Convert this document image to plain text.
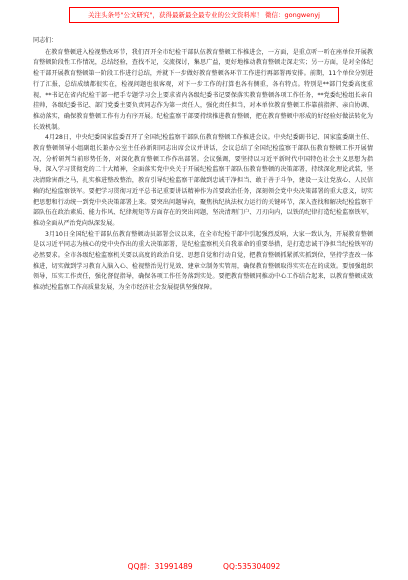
关注头条号"公文研究"，获得最新最全最专业的公文资料库！ 微信：gongwenyj

同志们：

在教育整顿进入检视整改环节，我们召开全市纪检干部队伍教育整顿工作推进会，一方面，是重点听一听在座单位开展教育整顿阶段性工作情况，总结经验，查找不足，交流探讨，集思广益，更好地推动教育整顿走深走实；另一方面，是对全体纪检干部开展教育整顿第一阶段工作进行总结，并就下一步做好教育整顿各环节工作进行再部署再安排。前期，11个单位分别进行了汇报，总结成绩都很实在，检视问题也很客观，对下一步工作的打算也各有侧重，各有特点。特别是**部门党委高度重视，**书记在省内纪检干部一把手专题学习会上要求省内各级纪委书记要保落实教育整顿各项工作任务，**党委纪检组长亲自挂帅，各级纪委书记、部门党委主要负责同志作为第一责任人，强化责任担当，对本单位教育整顿工作靠前指挥、亲自协调、推动落实，确保教育整顿工作有力有序开展。纪检监察干部要持续推进教育整顿，把在教育整顿中形成的好经验好做法转化为长效机制。

4月28日，中央纪委国家监委召开了全国纪检监察干部队伍教育整顿工作推进会议。中央纪委副书记、国家监委副主任、教育整顿领导小组副组长兼办公室主任孙新阳同志出席会议并讲话，会议总结了全国纪检监察干部队伍教育整顿工作开展情况，分析研判当前形势任务，对深化教育整顿工作作出部署。会议强调，要坚持以习近平新时代中国特色社会主义思想为指导，深入学习贯彻党的二十大精神，全面落实党中央关于开展纪检监察干部队伍教育整顿的决策部署，持续深化理论武装，坚决清除害群之马，扎实推进整改整治，教育引导纪检监察干部做到忠诚干净担当、敢于善于斗争，建设一支让党放心、人民信赖的纪检监察铁军。要把学习贯彻习近平总书记重要讲话精神作为首要政治任务，深刻领会党中央决策部署的重大意义，切实把思想和行动统一到党中央决策部署上来。要突出问题导向，聚焦执纪执法权力运行的关键环节，深入查找和解决纪检监察干部队伍在政治素质、能力作风、纪律规矩等方面存在的突出问题，坚决清理门户、刀刃向内，以铁的纪律打造纪检监察铁军，推动全面从严治党向纵深发展。

3月10日全国纪检干部队伍教育整顿动员部署会议以来，在全市纪检干部中引起强烈反响，大家一致认为，开展教育整顿是以习近平同志为核心的党中央作出的重大决策部署，是纪检监察机关自我革命的重要举措，是打造忠诚干净担当纪检铁军的必然要求。全市各级纪检监察机关要以高度的政治自觉、思想自觉和行动自觉，把教育整顿抓紧抓实抓到位，坚持学查改一体推进，切实做到学习教育入脑入心、检视整治见行见效、建章立制务实管用，确保教育整顿取得实实在在的成效。要加强组织领导，压实工作责任，强化督促指导，确保各项工作任务落到实处。要把教育整顿同推动中心工作结合起来，以教育整顿成效推动纪检监察工作高质量发展，为全市经济社会发展提供坚强保障。

QQ群：31991489	QQ:535304092
